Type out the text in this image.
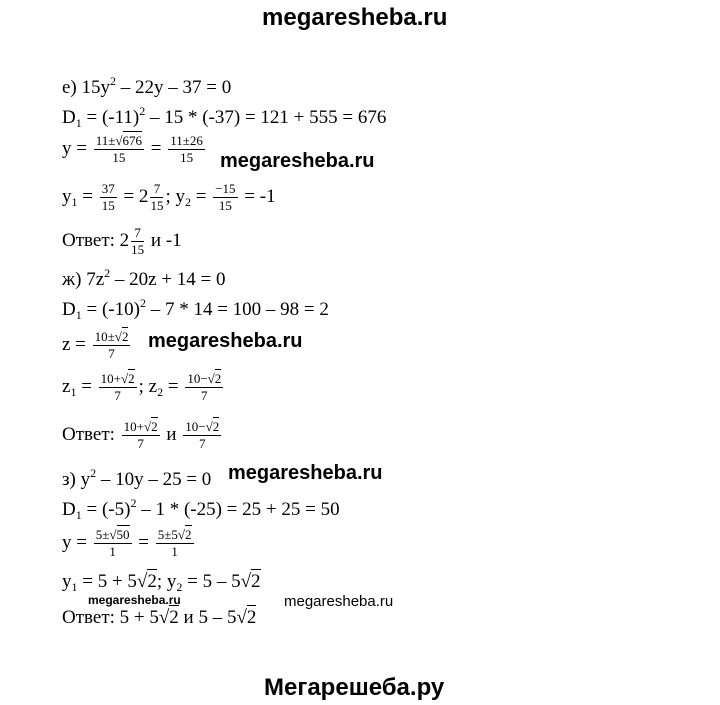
megaresheba.ru
megaresheba.ru
megaresheba.ru
megaresheba.ru
megaresheba.ru	megaresheba.ru
Мегарешеба.ру
е) $15y^2 - 22y - 37 = 0$
$D_1 = (-11)^2 - 15 * (-37) = 121 + 555 = 676$
$y = \frac{11\pm√676}{15} = \frac{11\pm 26}{15}$
$y_1 = \frac{37}{15} = 2 \frac{7}{15}$ ; $y_2 = \frac{-15}{15} = -1$
Ответ: $2 \frac{7}{15}$ и -1
ж) $7z^2 - 20z + 14 = 0$
$D_1 = (-10)^2 - 7 * 14 = 100 - 98 = 2$
$z = \frac{10\pm√2}{7}$
$z_1 = \frac{10+√2}{7}$ ; $z_2 = \frac{10-√2}{7}$
Ответ: $\frac{10+√2}{7}$ и $\frac{10-√2}{7}$
з) $y^2 - 10y - 25 = 0$
$D_1 = (-5)^2 - 1 * (-25) = 25 + 25 = 50$
$y = \frac{5\pm√50}{1} = \frac{5\pm 5√2}{1}$
$y_1 = 5 + 5√2$; $y_2 = 5 - 5√2$
Ответ: 5 + 5√2 и 5 – 5√2
